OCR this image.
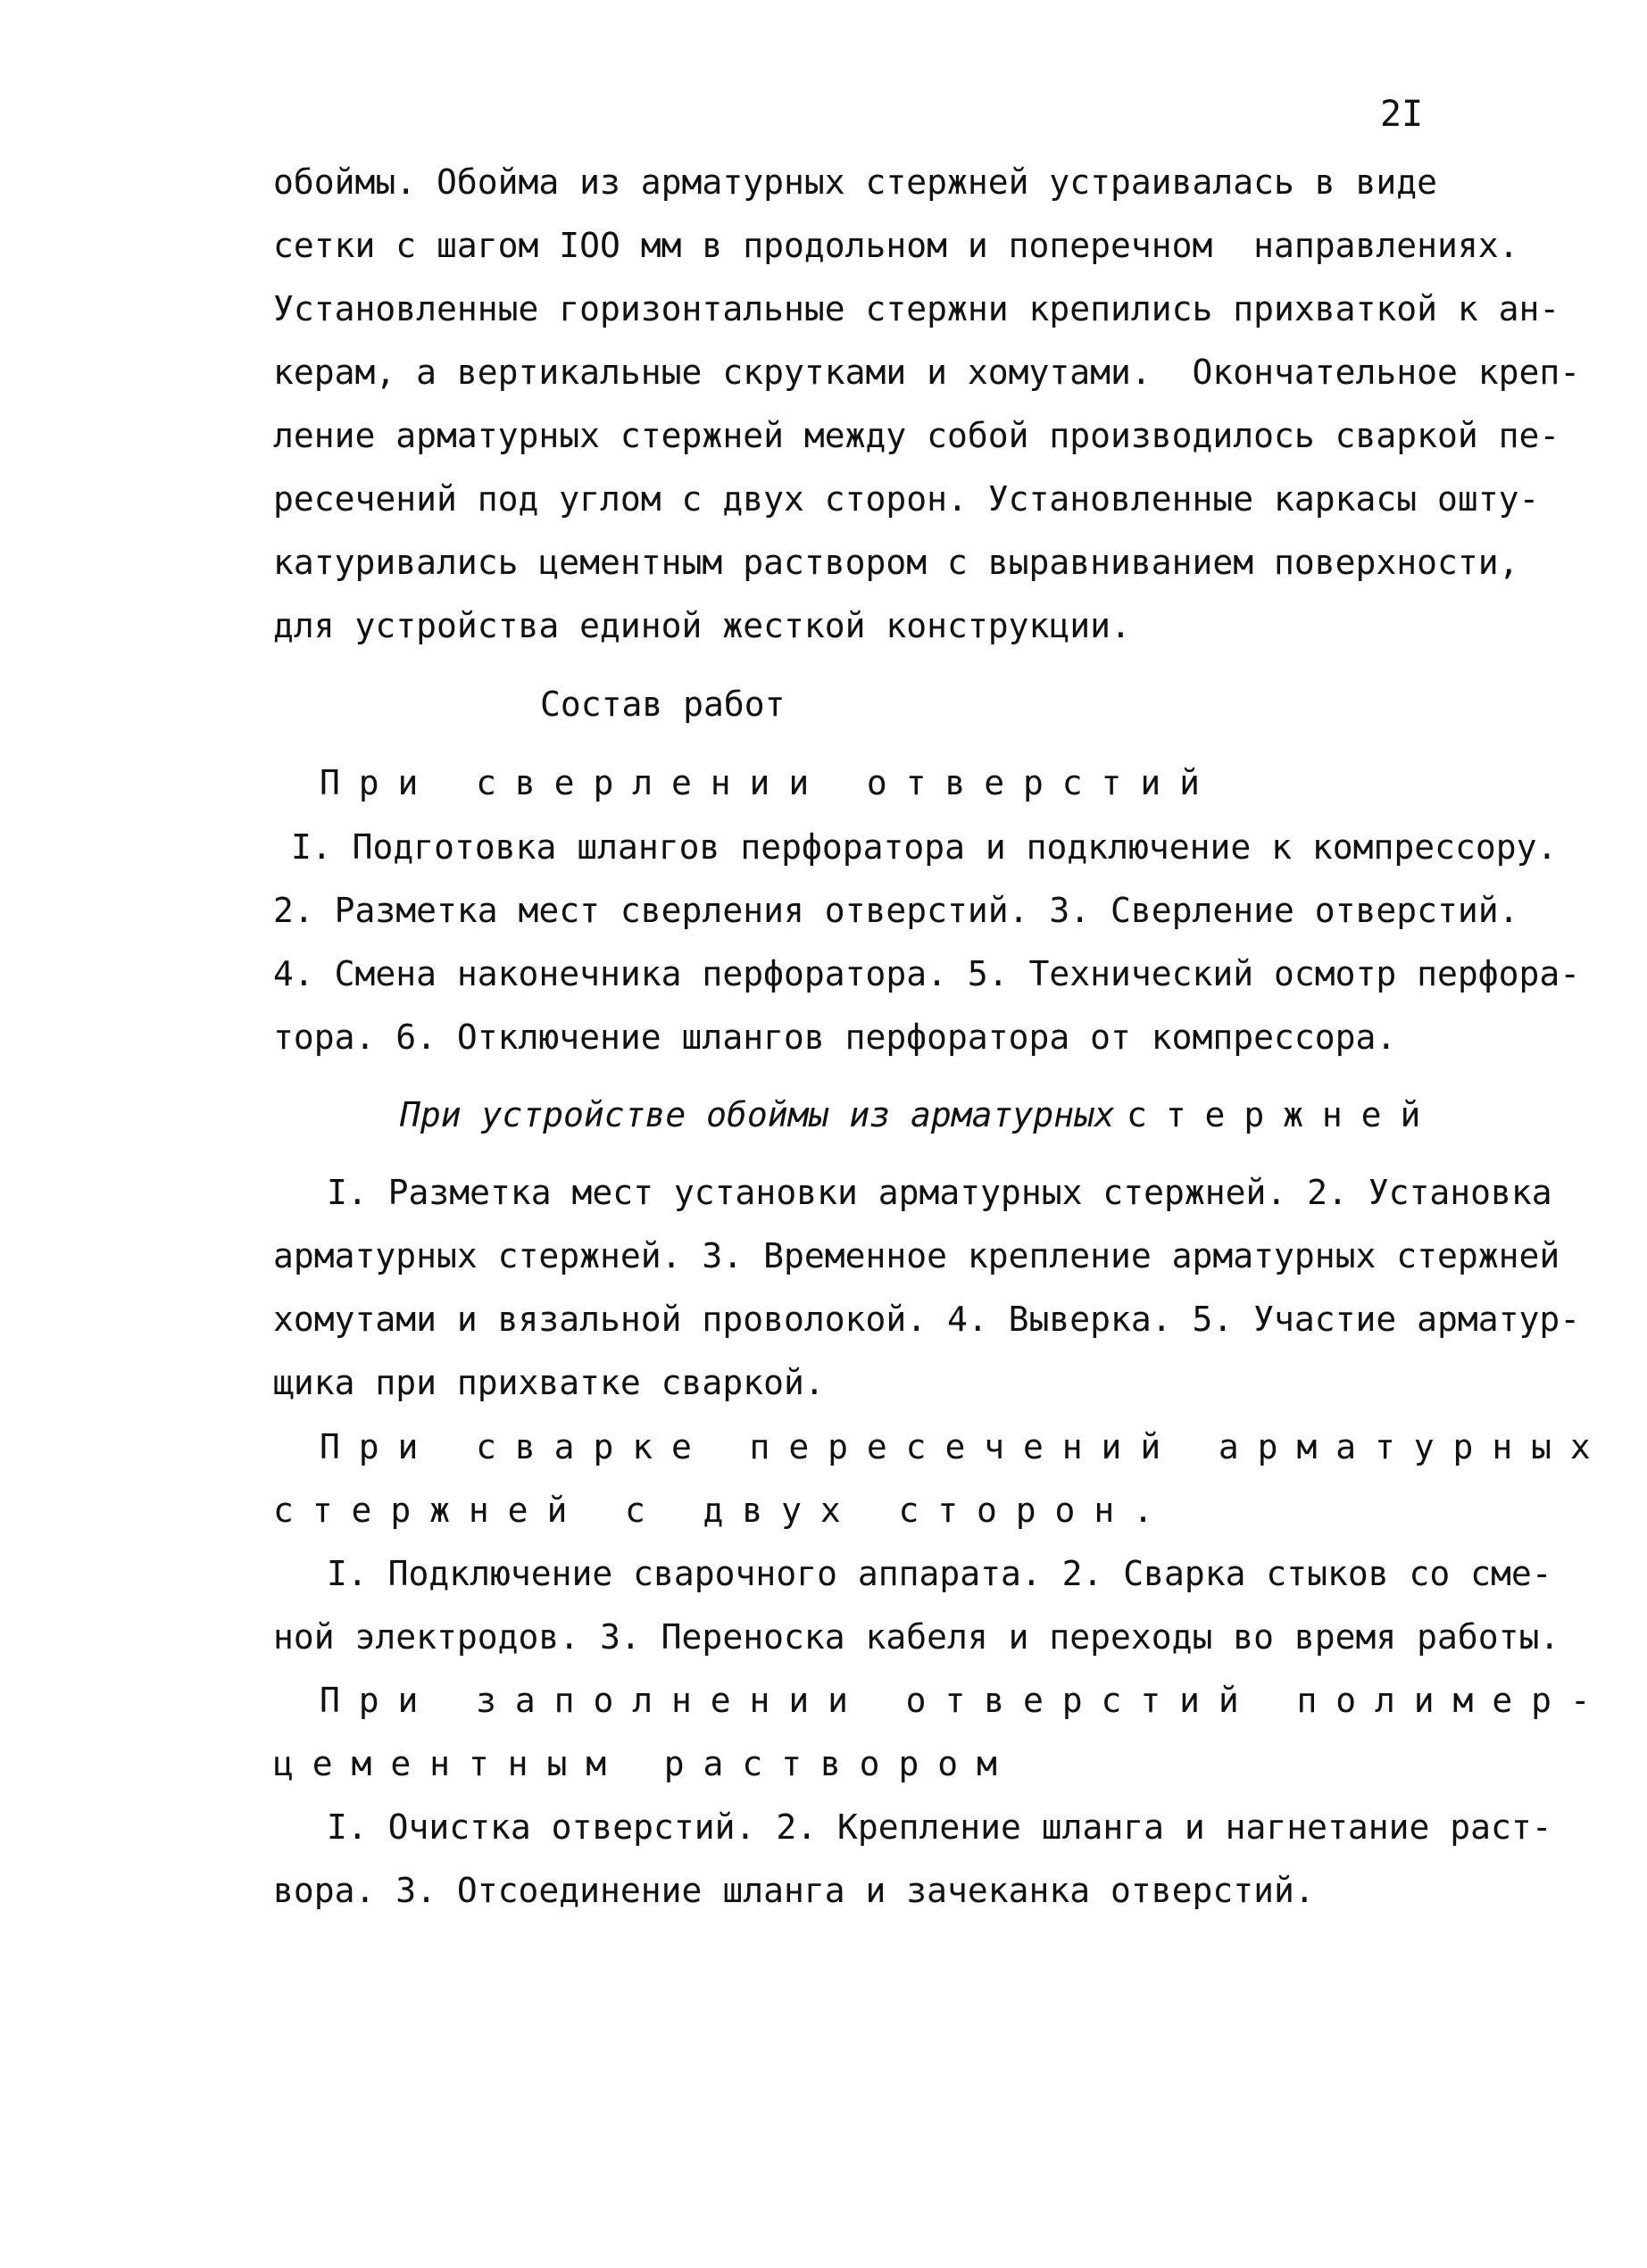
2I
обоймы. Обойма из арматурных стержней устраивалась в виде
сетки с шагом IOO мм в продольном и поперечном  направлениях.
Установленные горизонтальные стержни крепились прихваткой к ан-
керам, а вертикальные скрутками и хомутами.  Окончательное креп-
ление арматурных стержней между собой производилось сваркой пе-
ресечений под углом с двух сторон. Установленные каркасы оштy-
катуривались цементным раствором с выравниванием поверхности,
для устройства единой жесткой конструкции.
Состав работ
При сверлении отверстий
I. Подготовка шлангов перфоратора и подключение к компрессору.
2. Разметка мест сверления отверстий. 3. Сверление отверстий.
4. Смена наконечника перфоратора. 5. Технический осмотр перфора-
тора. 6. Отключение шлангов перфоратора от компрессора.
При устройстве обоймы из арматурных стержней
I. Разметка мест установки арматурных стержней. 2. Установка
арматурных стержней. 3. Временное крепление арматурных стержней
хомутами и вязальной проволокой. 4. Выверка. 5. Участие арматур-
щика при прихватке сваркой.
При сварке пересечений арматурных
стержней с двух сторон.
I. Подключение сварочного аппарата. 2. Сварка стыков со сме-
ной электродов. 3. Переноска кабеля и переходы во время работы.
При заполнении отверстий полимер-
цементным раствором
I. Очистка отверстий. 2. Крепление шланга и нагнетание раст-
вора. 3. Отсоединение шланга и зачеканка отверстий.
